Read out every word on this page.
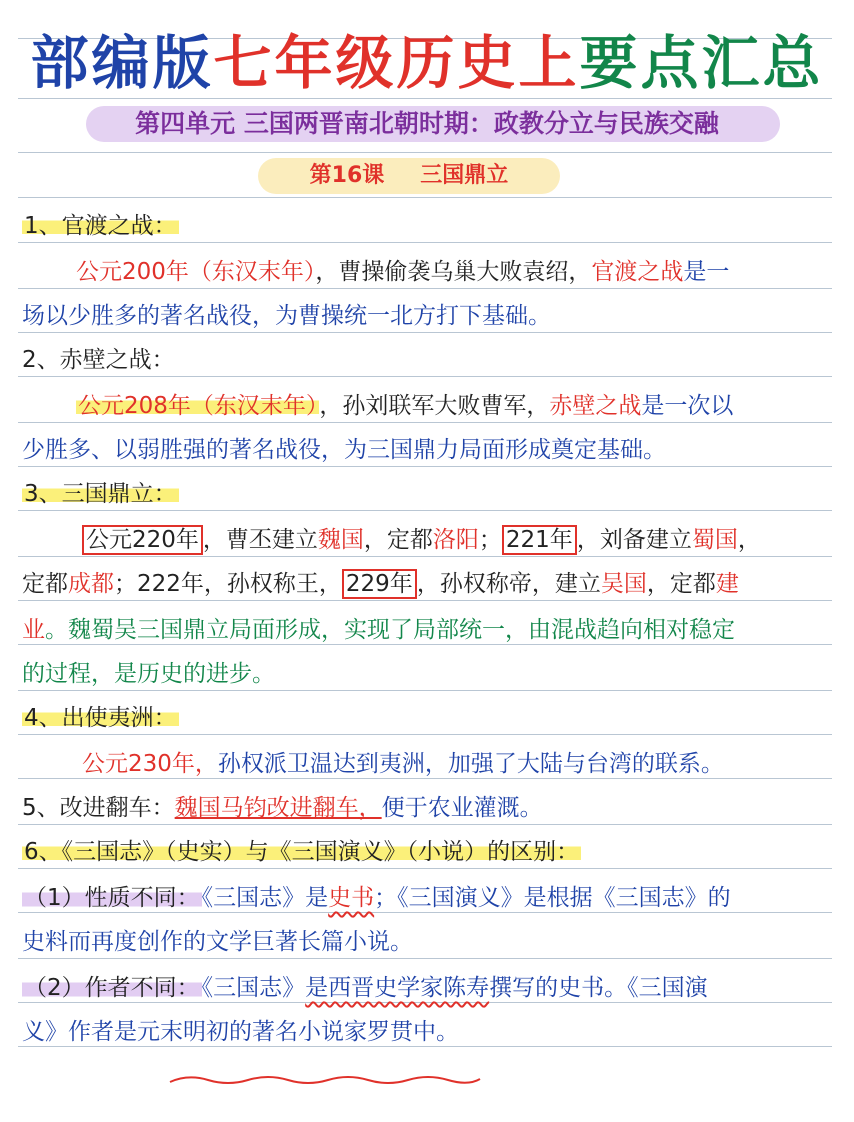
部编版七年级历史上要点汇总
第四单元 三国两晋南北朝时期：政教分立与民族交融
第16课 三国鼎立
1、官渡之战：
公元200年（东汉末年），曹操偷袭乌巢大败袁绍，官渡之战是一
场以少胜多的著名战役，为曹操统一北方打下基础。
2、赤壁之战：
公元208年（东汉末年），孙刘联军大败曹军，赤壁之战是一次以
少胜多、以弱胜强的著名战役，为三国鼎力局面形成奠定基础。
3、三国鼎立：
公元220年 ，曹丕建立魏国，定都洛阳； 221年 ，刘备建立蜀国，
定都成都；222年，孙权称王， 229年 ，孙权称帝，建立吴国，定都建
业。魏蜀吴三国鼎立局面形成，实现了局部统一，由混战趋向相对稳定
的过程，是历史的进步。
4、出使夷洲：
公元230年，孙权派卫温达到夷洲，加强了大陆与台湾的联系。
5、改进翻车：魏国马钧改进翻车，便于农业灌溉。
6、《三国志》（史实）与《三国演义》（小说）的区别：
（1）性质不同：《三国志》是史书；《三国演义》是根据《三国志》的
史料而再度创作的文学巨著长篇小说。
（2）作者不同：《三国志》是西晋史学家陈寿撰写的史书。《三国演
义》作者是元末明初的著名小说家罗贯中。
